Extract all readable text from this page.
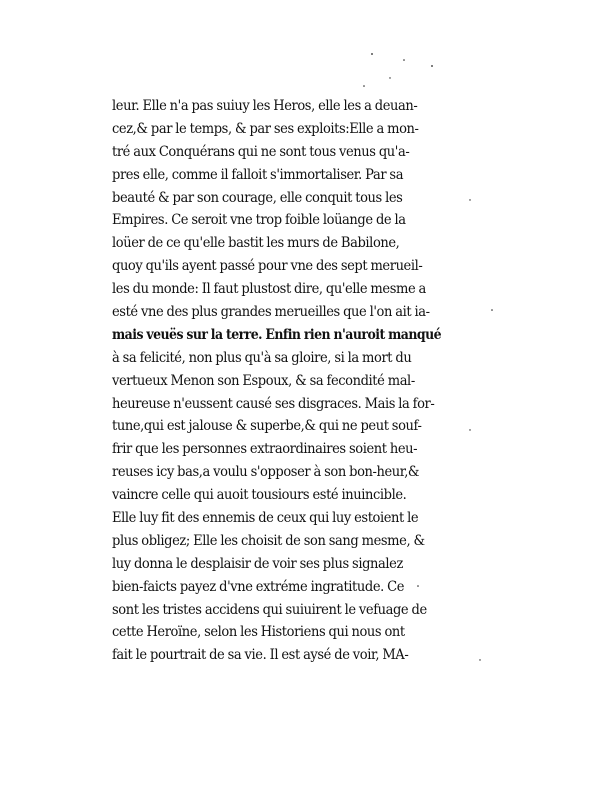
leur. Elle n'a pas suiuy les Heros, elle les a deuan-
cez,& par le temps, & par ses exploits:Elle a mon-
tré aux Conquérans qui ne sont tous venus qu'a-
pres elle, comme il falloit s'immortaliser. Par sa
beauté & par son courage, elle conquit tous les
Empires. Ce seroit vne trop foible loüange de la
loüer de ce qu'elle bastit les murs de Babilone,
quoy qu'ils ayent passé pour vne des sept merueil-
les du monde: Il faut plustost dire, qu'elle mesme a
esté vne des plus grandes merueilles que l'on ait ia-
mais veuës sur la terre. Enfin rien n'auroit manqué
à sa felicité, non plus qu'à sa gloire, si la mort du
vertueux Menon son Espoux, & sa fecondité mal-
heureuse n'eussent causé ses disgraces. Mais la for-
tune,qui est jalouse & superbe,& qui ne peut souf-
frir que les personnes extraordinaires soient heu-
reuses icy bas,a voulu s'opposer à son bon-heur,&
vaincre celle qui auoit tousiours esté inuincible.
Elle luy fit des ennemis de ceux qui luy estoient le
plus obligez; Elle les choisit de son sang mesme, &
luy donna le desplaisir de voir ses plus signalez
bien-faicts payez d'vne extréme ingratitude. Ce
sont les tristes accidens qui suiuirent le vefuage de
cette Heroïne, selon les Historiens qui nous ont
fait le pourtrait de sa vie. Il est aysé de voir, MA-
